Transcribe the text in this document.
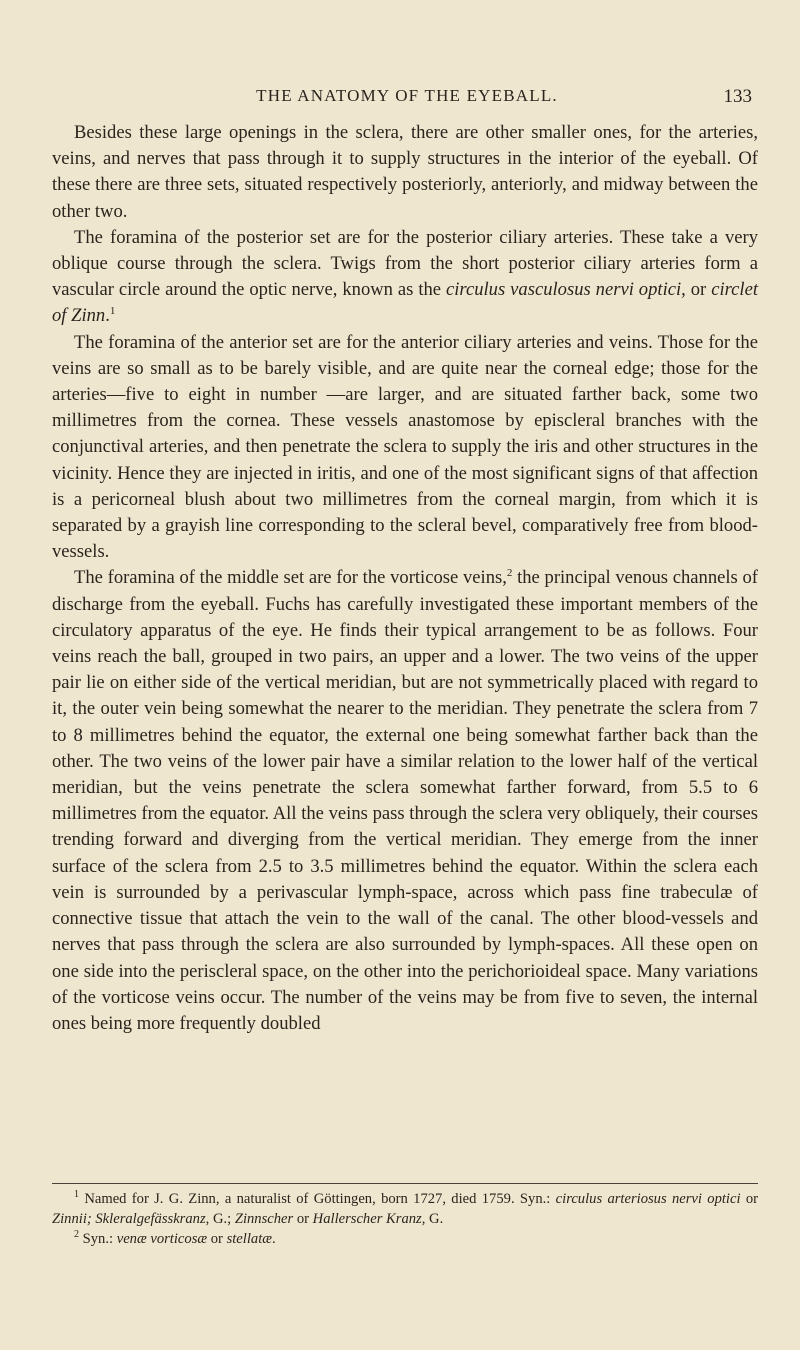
THE ANATOMY OF THE EYEBALL.	133

Besides these large openings in the sclera, there are other smaller ones, for the arteries, veins, and nerves that pass through it to supply structures in the interior of the eyeball. Of these there are three sets, situated respectively posteriorly, anteriorly, and midway between the other two.

The foramina of the posterior set are for the posterior ciliary arteries. These take a very oblique course through the sclera. Twigs from the short posterior ciliary arteries form a vascular circle around the optic nerve, known as the circulus vasculosus nervi optici, or circlet of Zinn.$^1$

The foramina of the anterior set are for the anterior ciliary arteries and veins. Those for the veins are so small as to be barely visible, and are quite near the corneal edge; those for the arteries—five to eight in number —are larger, and are situated farther back, some two millimetres from the cornea. These vessels anastomose by episcleral branches with the conjunctival arteries, and then penetrate the sclera to supply the iris and other structures in the vicinity. Hence they are injected in iritis, and one of the most significant signs of that affection is a pericorneal blush about two millimetres from the corneal margin, from which it is separated by a grayish line corresponding to the scleral bevel, comparatively free from blood-vessels.

The foramina of the middle set are for the vorticose veins,$^2$ the principal venous channels of discharge from the eyeball. Fuchs has carefully investigated these important members of the circulatory apparatus of the eye. He finds their typical arrangement to be as follows. Four veins reach the ball, grouped in two pairs, an upper and a lower. The two veins of the upper pair lie on either side of the vertical meridian, but are not symmetrically placed with regard to it, the outer vein being somewhat the nearer to the meridian. They penetrate the sclera from 7 to 8 millimetres behind the equator, the external one being somewhat farther back than the other. The two veins of the lower pair have a similar relation to the lower half of the vertical meridian, but the veins penetrate the sclera somewhat farther forward, from 5.5 to 6 millimetres from the equator. All the veins pass through the sclera very obliquely, their courses trending forward and diverging from the vertical meridian. They emerge from the inner surface of the sclera from 2.5 to 3.5 millimetres behind the equator. Within the sclera each vein is surrounded by a perivascular lymph-space, across which pass fine trabeculæ of connective tissue that attach the vein to the wall of the canal. The other blood-vessels and nerves that pass through the sclera are also surrounded by lymph-spaces. All these open on one side into the periscleral space, on the other into the perichorioideal space. Many variations of the vorticose veins occur. The number of the veins may be from five to seven, the internal ones being more frequently doubled

$^1$ Named for J. G. Zinn, a naturalist of Göttingen, born 1727, died 1759. Syn.: circulus arteriosus nervi optici or Zinnii; Skleralgefässkranz, G.; Zinnscher or Hallerscher Kranz, G.

$^2$ Syn.: venæ vorticosæ or stellatæ.
